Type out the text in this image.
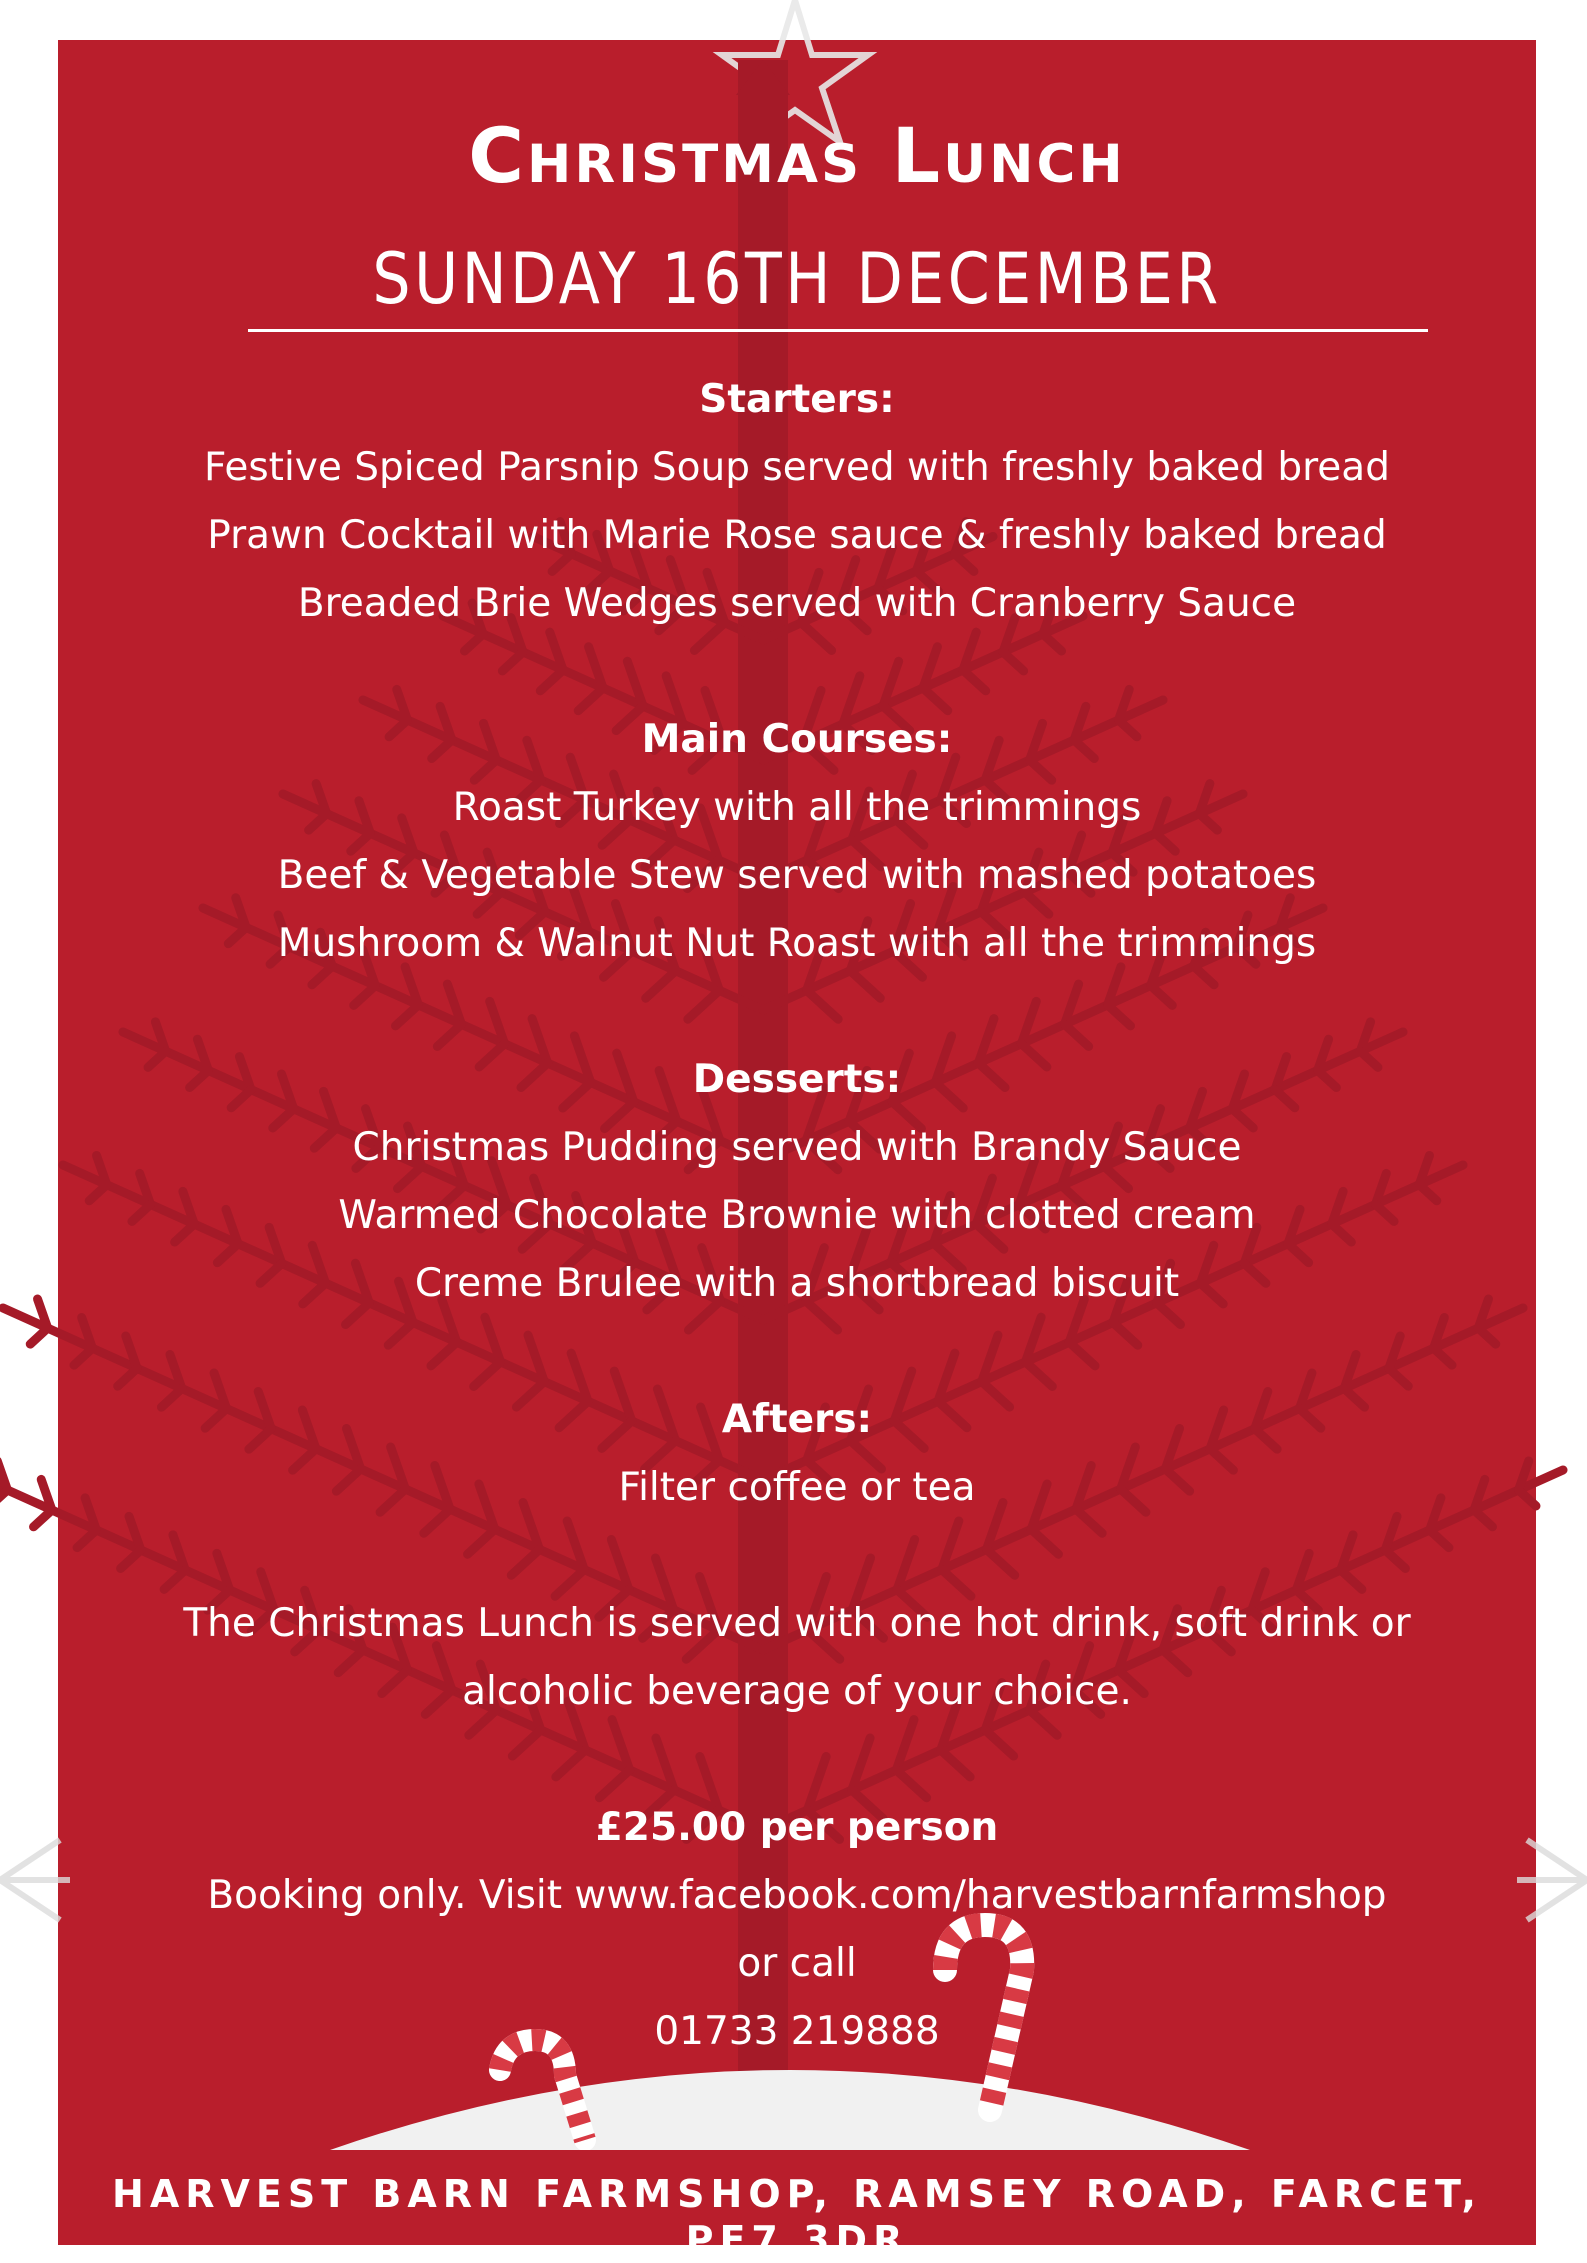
Christmas Lunch
SUNDAY 16TH DECEMBER
Starters:
Festive Spiced Parsnip Soup served with freshly baked bread
Prawn Cocktail with Marie Rose sauce & freshly baked bread
Breaded Brie Wedges served with Cranberry Sauce
Main Courses:
Roast Turkey with all the trimmings
Beef & Vegetable Stew served with mashed potatoes
Mushroom & Walnut Nut Roast with all the trimmings
Desserts:
Christmas Pudding served with Brandy Sauce
Warmed Chocolate Brownie with clotted cream
Creme Brulee with a shortbread biscuit
Afters:
Filter coffee or tea
The Christmas Lunch is served with one hot drink, soft drink or
alcoholic beverage of your choice.
£25.00 per person
Booking only. Visit www.facebook.com/harvestbarnfarmshop
or call
01733 219888
HARVEST BARN FARMSHOP, RAMSEY ROAD, FARCET, PE7 3DR
